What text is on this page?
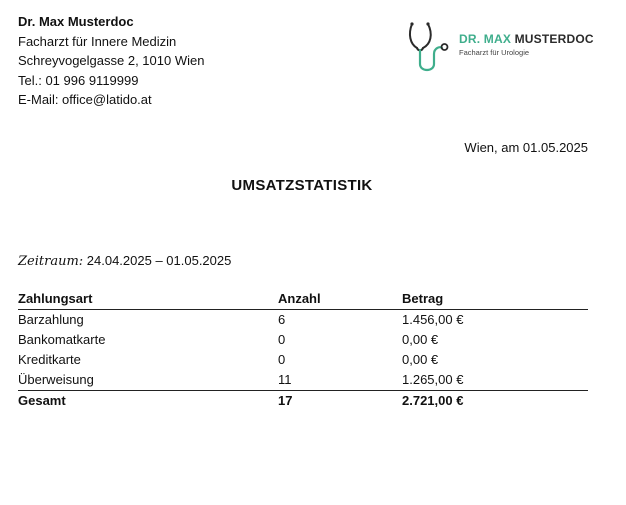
Dr. Max Musterdoc
Facharzt für Innere Medizin
Schreyvogelgasse 2, 1010 Wien
Tel.: 01 996 9119999
E-Mail: office@latido.at
DR. MAX MUSTERDOC
Facharzt für Urologie
Wien, am 01.05.2025
UMSATZSTATISTIK
Zeitraum: 24.04.2025 – 01.05.2025
Zahlungsart	Anzahl	Betrag
Barzahlung	6	1.456,00 €
Bankomatkarte	0	0,00 €
Kreditkarte	0	0,00 €
Überweisung	11	1.265,00 €
Gesamt	17	2.721,00 €
